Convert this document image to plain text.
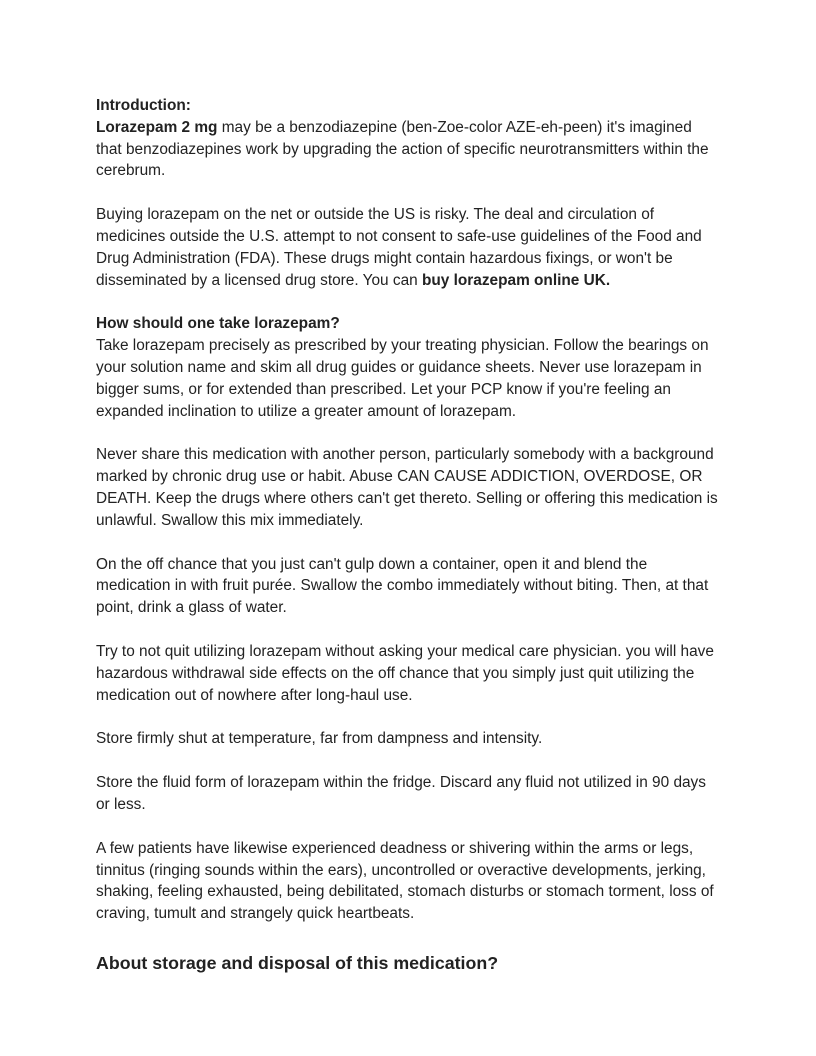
Introduction:
Lorazepam 2 mg may be a benzodiazepine (ben-Zoe-color AZE-eh-peen) it's imagined that benzodiazepines work by upgrading the action of specific neurotransmitters within the cerebrum.

Buying lorazepam on the net or outside the US is risky. The deal and circulation of medicines outside the U.S. attempt to not consent to safe-use guidelines of the Food and Drug Administration (FDA). These drugs might contain hazardous fixings, or won't be disseminated by a licensed drug store. You can buy lorazepam online UK.

How should one take lorazepam?
Take lorazepam precisely as prescribed by your treating physician. Follow the bearings on your solution name and skim all drug guides or guidance sheets. Never use lorazepam in bigger sums, or for extended than prescribed. Let your PCP know if you're feeling an expanded inclination to utilize a greater amount of lorazepam.

Never share this medication with another person, particularly somebody with a background marked by chronic drug use or habit. Abuse CAN CAUSE ADDICTION, OVERDOSE, OR DEATH. Keep the drugs where others can't get thereto. Selling or offering this medication is unlawful. Swallow this mix immediately.

On the off chance that you just can't gulp down a container, open it and blend the medication in with fruit purée. Swallow the combo immediately without biting. Then, at that point, drink a glass of water.

Try to not quit utilizing lorazepam without asking your medical care physician. you will have hazardous withdrawal side effects on the off chance that you simply just quit utilizing the medication out of nowhere after long-haul use.

Store firmly shut at temperature, far from dampness and intensity.

Store the fluid form of lorazepam within the fridge. Discard any fluid not utilized in 90 days or less.

A few patients have likewise experienced deadness or shivering within the arms or legs, tinnitus (ringing sounds within the ears), uncontrolled or overactive developments, jerking, shaking, feeling exhausted, being debilitated, stomach disturbs or stomach torment, loss of craving, tumult and strangely quick heartbeats.

About storage and disposal of this medication?
